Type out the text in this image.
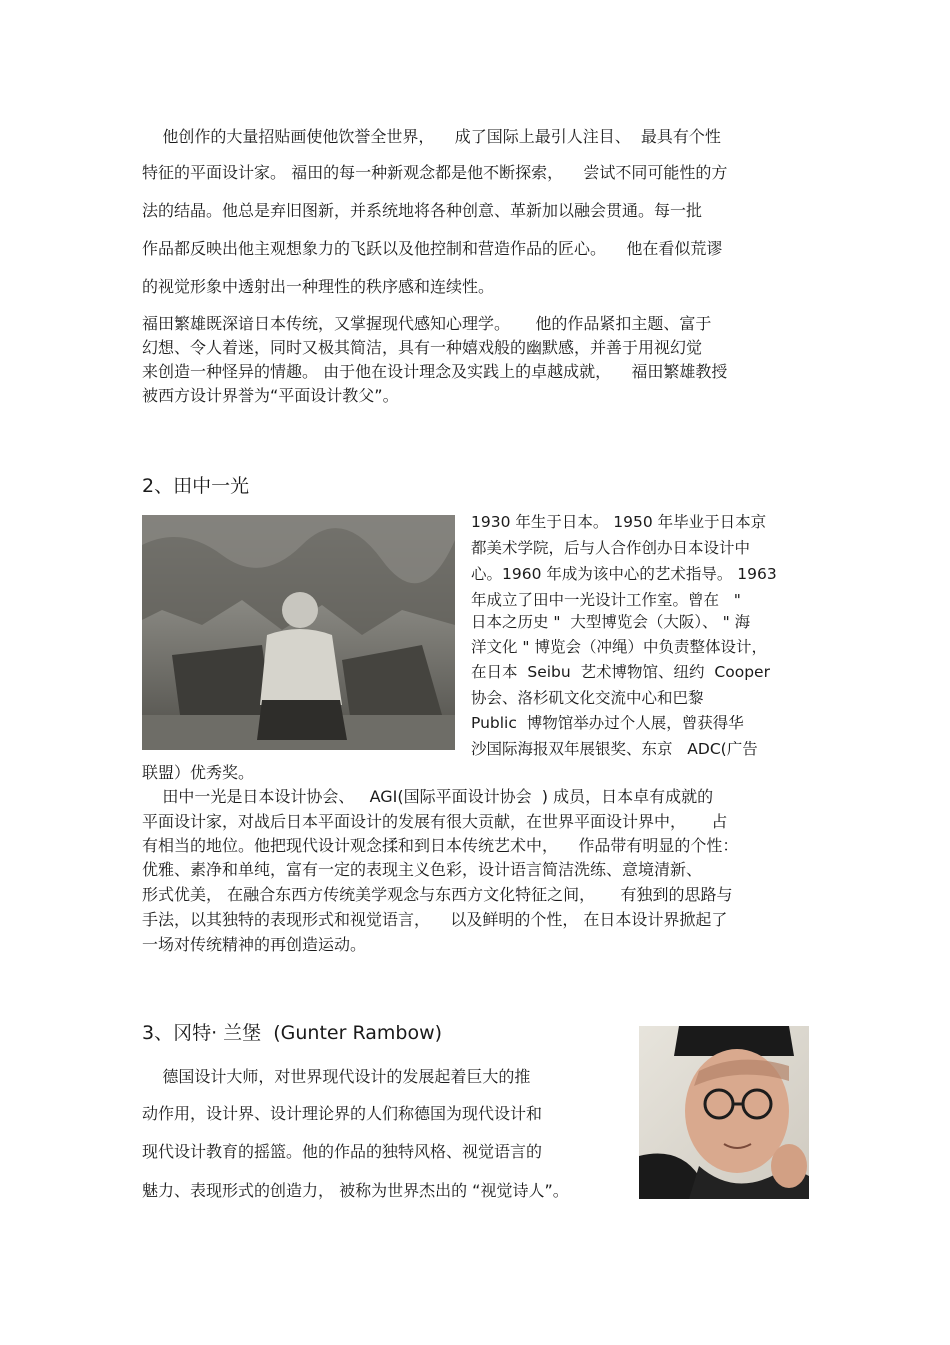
他创作的大量招贴画使他饮誉全世界，    成了国际上最引人注目、  最具有个性
特征的平面设计家。 福田的每一种新观念都是他不断探索，    尝试不同可能性的方
法的结晶。他总是弃旧图新，并系统地将各种创意、革新加以融会贯通。每一批
作品都反映出他主观想象力的飞跃以及他控制和营造作品的匠心。    他在看似荒谬
的视觉形象中透射出一种理性的秩序感和连续性。
福田繁雄既深谙日本传统，又掌握现代感知心理学。     他的作品紧扣主题、富于
幻想、令人着迷，同时又极其简洁，具有一种嬉戏般的幽默感，并善于用视幻觉
来创造一种怪异的情趣。 由于他在设计理念及实践上的卓越成就，    福田繁雄教授
被西方设计界誉为“平面设计教父”。
2、田中一光
1930 年生于日本。 1950 年毕业于日本京
都美术学院，后与人合作创办日本设计中
心。1960 年成为该中心的艺术指导。 1963
年成立了田中一光设计工作室。曾在   "
日本之历史 "  大型博览会（大阪）、 " 海
洋文化 " 博览会（冲绳）中负责整体设计，
在日本  Seibu  艺术博物馆、纽约  Cooper
协会、洛杉矶文化交流中心和巴黎
Public  博物馆举办过个人展，曾获得华
沙国际海报双年展银奖、东京   ADC(广告
联盟）优秀奖。
田中一光是日本设计协会、   AGI(国际平面设计协会  ) 成员，日本卓有成就的
平面设计家，对战后日本平面设计的发展有很大贡献，在世界平面设计界中，     占
有相当的地位。他把现代设计观念揉和到日本传统艺术中，    作品带有明显的个性：
优雅、素净和单纯，富有一定的表现主义色彩，设计语言简洁洗练、意境清新、
形式优美， 在融合东西方传统美学观念与东西方文化特征之间，     有独到的思路与
手法，以其独特的表现形式和视觉语言，    以及鲜明的个性， 在日本设计界掀起了
一场对传统精神的再创造运动。
3、冈特· 兰堡  (Gunter Rambow)
德国设计大师，对世界现代设计的发展起着巨大的推
动作用，设计界、设计理论界的人们称德国为现代设计和
现代设计教育的摇篮。他的作品的独特风格、视觉语言的
魅力、表现形式的创造力， 被称为世界杰出的 “视觉诗人”。
